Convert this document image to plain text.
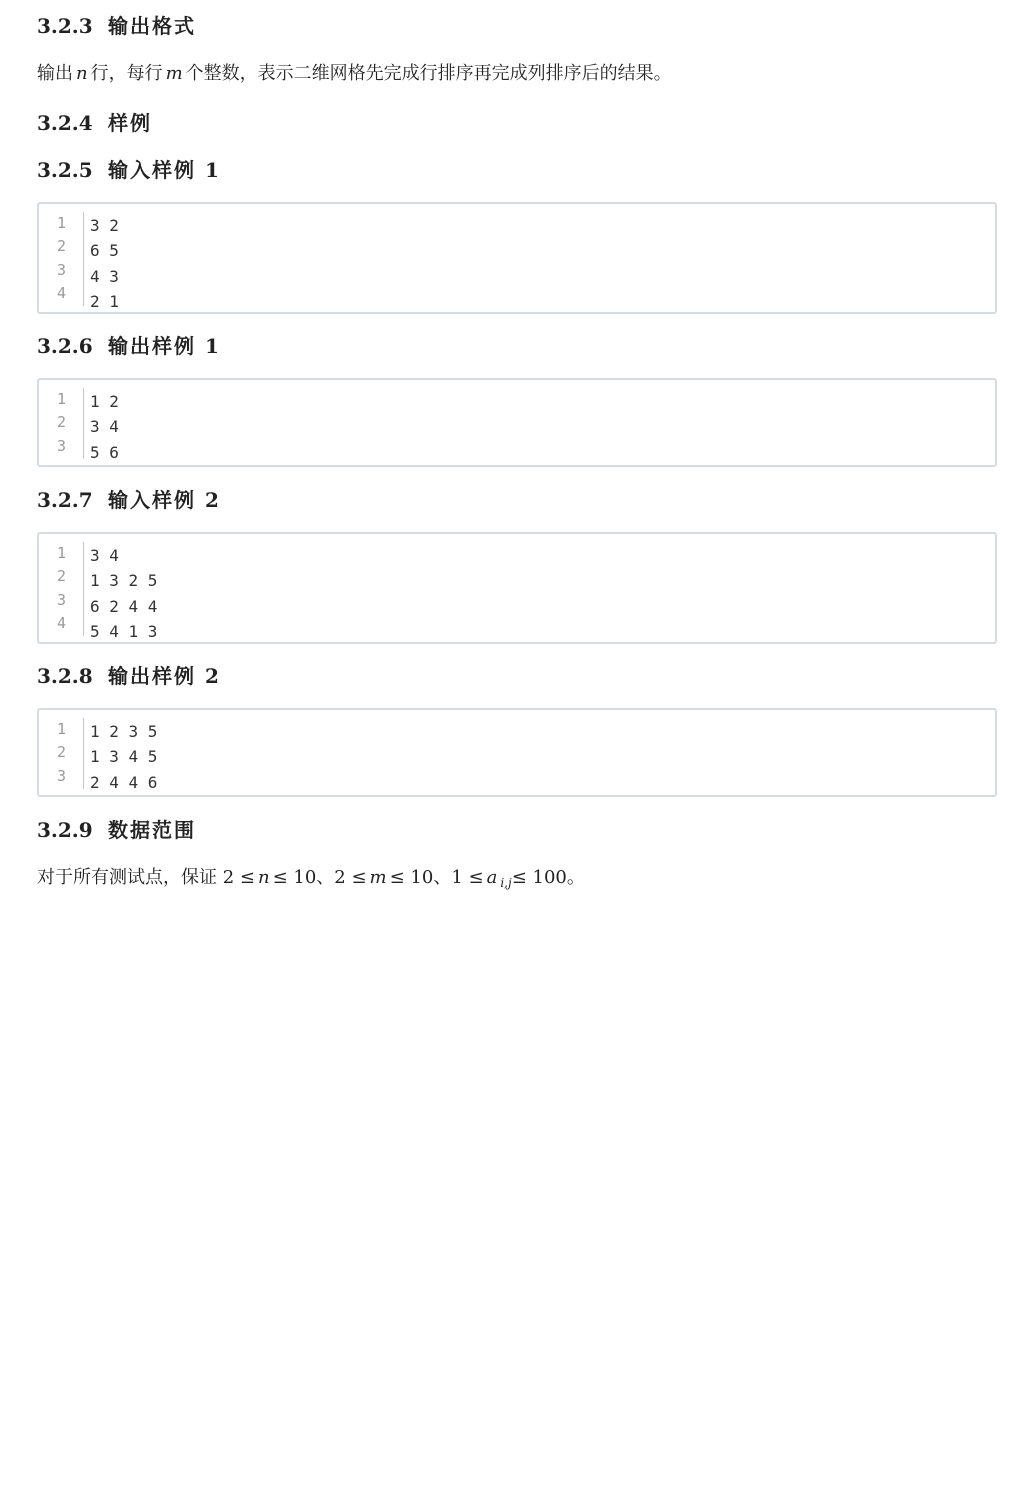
3.2.3 输出格式
输出 n 行，每行 m 个整数，表示二维网格先完成行排序再完成列排序后的结果。
3.2.4 样例
3.2.5 输入样例 1
1
2
3
4
3 2
6 5
4 3
2 1
3.2.6 输出样例 1
1
2
3
1 2
3 4
5 6
3.2.7 输入样例 2
1
2
3
4
3 4
1 3 2 5
6 2 4 4
5 4 1 3
3.2.8 输出样例 2
1
2
3
1 2 3 5
1 3 4 5
2 4 4 6
3.2.9 数据范围
对于所有测试点，保证 2 ≤ n ≤ 10、2 ≤ m ≤ 10、1 ≤ a $_{i,j}$≤ 100。
